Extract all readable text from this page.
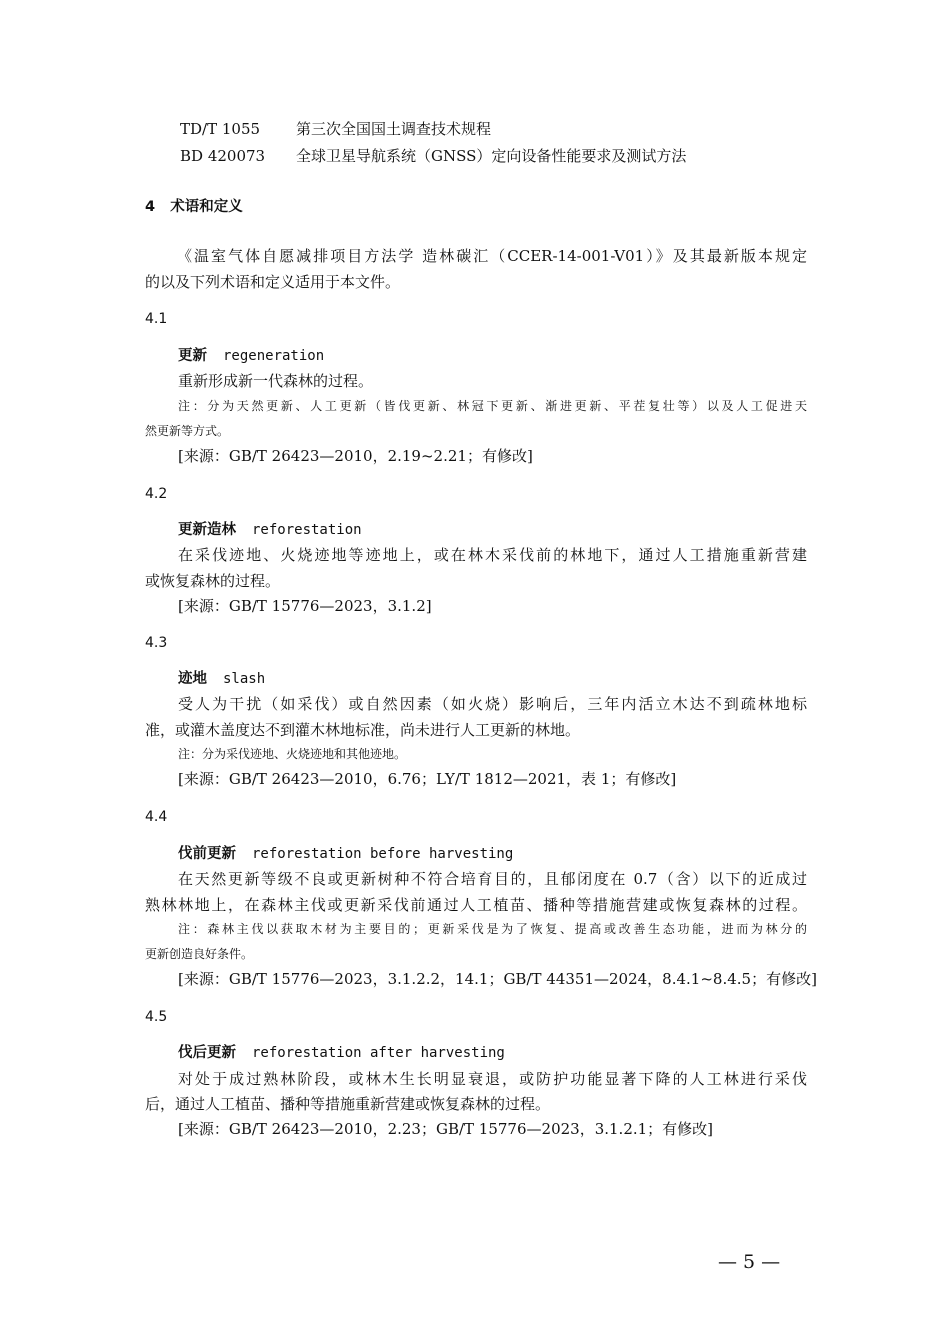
TD/T 1055 第三次全国国土调查技术规程
BD 420073 全球卫星导航系统（GNSS）定向设备性能要求及测试方法
4   术语和定义
《温室气体自愿减排项目方法学 造林碳汇（CCER-14-001-V01）》及其最新版本规定
的以及下列术语和定义适用于本文件。
4.1
更新 regeneration
重新形成新一代森林的过程。
注：分为天然更新、人工更新（皆伐更新、林冠下更新、渐进更新、平茬复壮等）以及人工促进天
然更新等方式。
[来源：GB/T 26423—2010，2.19~2.21；有修改]
4.2
更新造林 reforestation
在采伐迹地、火烧迹地等迹地上，或在林木采伐前的林地下，通过人工措施重新营建
或恢复森林的过程。
[来源：GB/T 15776—2023，3.1.2]
4.3
迹地 slash
受人为干扰（如采伐）或自然因素（如火烧）影响后，三年内活立木达不到疏林地标
准，或灌木盖度达不到灌木林地标准，尚未进行人工更新的林地。
注：分为采伐迹地、火烧迹地和其他迹地。
[来源：GB/T 26423—2010，6.76；LY/T 1812—2021，表 1；有修改]
4.4
伐前更新 reforestation before harvesting
在天然更新等级不良或更新树种不符合培育目的，且郁闭度在 0.7（含）以下的近成过
熟林林地上，在森林主伐或更新采伐前通过人工植苗、播种等措施营建或恢复森林的过程。
注：森林主伐以获取木材为主要目的；更新采伐是为了恢复、提高或改善生态功能，进而为林分的
更新创造良好条件。
[来源：GB/T 15776—2023，3.1.2.2，14.1；GB/T 44351—2024，8.4.1~8.4.5；有修改]
4.5
伐后更新 reforestation after harvesting
对处于成过熟林阶段，或林木生长明显衰退，或防护功能显著下降的人工林进行采伐
后，通过人工植苗、播种等措施重新营建或恢复森林的过程。
[来源：GB/T 26423—2010，2.23；GB/T 15776—2023，3.1.2.1；有修改]
— 5 —
